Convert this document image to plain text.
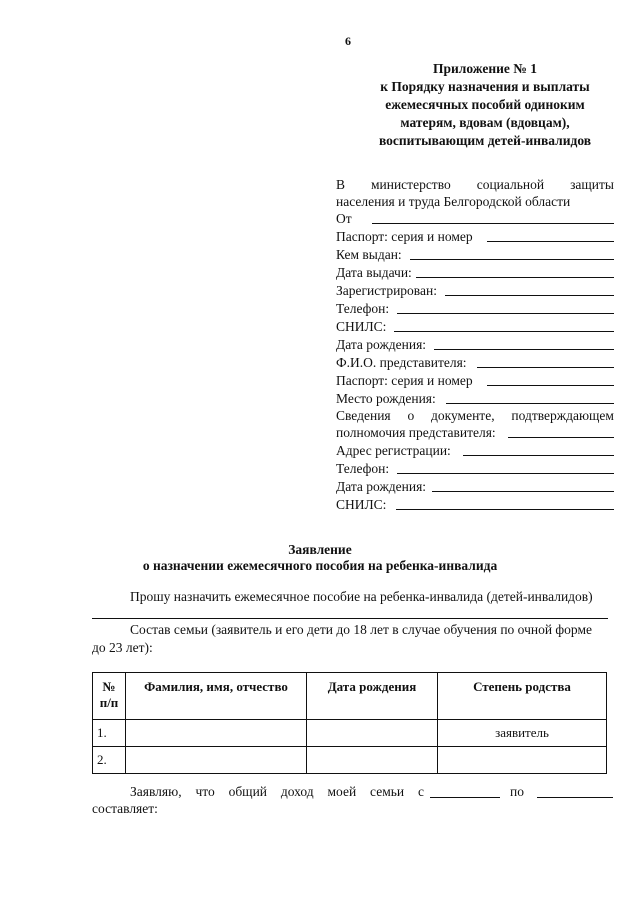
6
Приложение № 1
к Порядку назначения и выплаты
ежемесячных пособий одиноким
матерям, вдовам (вдовцам),
воспитывающим детей-инвалидов
В министерство социальной защиты
населения и труда Белгородской области
От
Паспорт: серия и номер
Кем выдан:
Дата выдачи:
Зарегистрирован:
Телефон:
СНИЛС:
Дата рождения:
Ф.И.О. представителя:
Паспорт: серия и номер
Место рождения:
Сведения о документе, подтверждающем
полномочия представителя:
Адрес регистрации:
Телефон:
Дата рождения:
СНИЛС:
Заявление
о назначении ежемесячного пособия на ребенка-инвалида
Прошу назначить ежемесячное пособие на ребенка-инвалида (детей-инвалидов)
Состав семьи (заявитель и его дети до 18 лет в случае обучения по очной форме
до 23 лет):
№ п/п	Фамилия, имя, отчество	Дата рождения	Степень родства
1.			заявитель
2.			
Заявляю, что общий доход моей семьи с	по
составляет:
